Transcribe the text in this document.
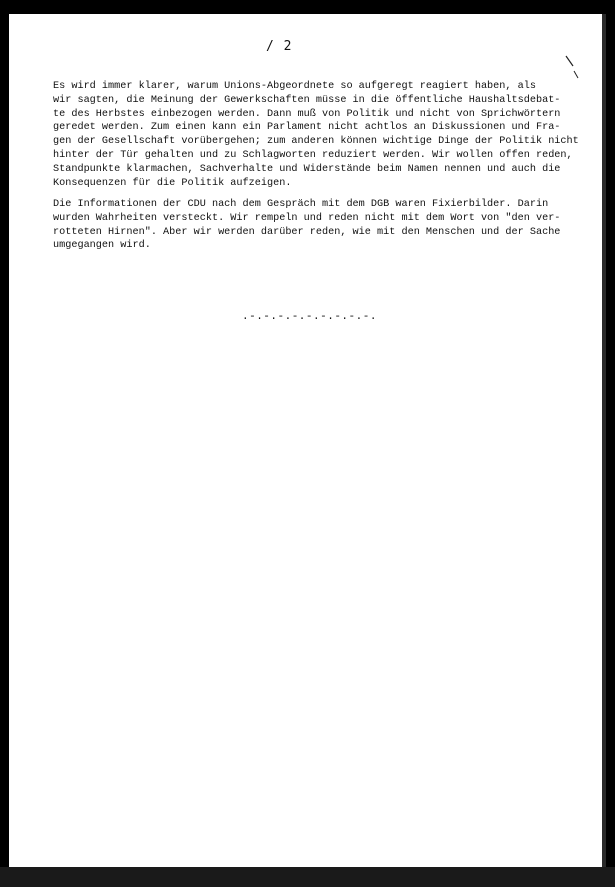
/ 2

Es wird immer klarer, warum Unions-Abgeordnete so aufgeregt reagiert haben, als
wir sagten, die Meinung der Gewerkschaften müsse in die öffentliche Haushaltsdebat-
te des Herbstes einbezogen werden. Dann muß von Politik und nicht von Sprichwörtern
geredet werden. Zum einen kann ein Parlament nicht achtlos an Diskussionen und Fra-
gen der Gesellschaft vorübergehen; zum anderen können wichtige Dinge der Politik nicht
hinter der Tür gehalten und zu Schlagworten reduziert werden. Wir wollen offen reden,
Standpunkte klarmachen, Sachverhalte und Widerstände beim Namen nennen und auch die
Konsequenzen für die Politik aufzeigen.

Die Informationen der CDU nach dem Gespräch mit dem DGB waren Fixierbilder. Darin
wurden Wahrheiten versteckt. Wir rempeln und reden nicht mit dem Wort von "den ver-
rotteten Hirnen". Aber wir werden darüber reden, wie mit den Menschen und der Sache
umgegangen wird.

.-.-.-.-.-.-.-.-.-.
